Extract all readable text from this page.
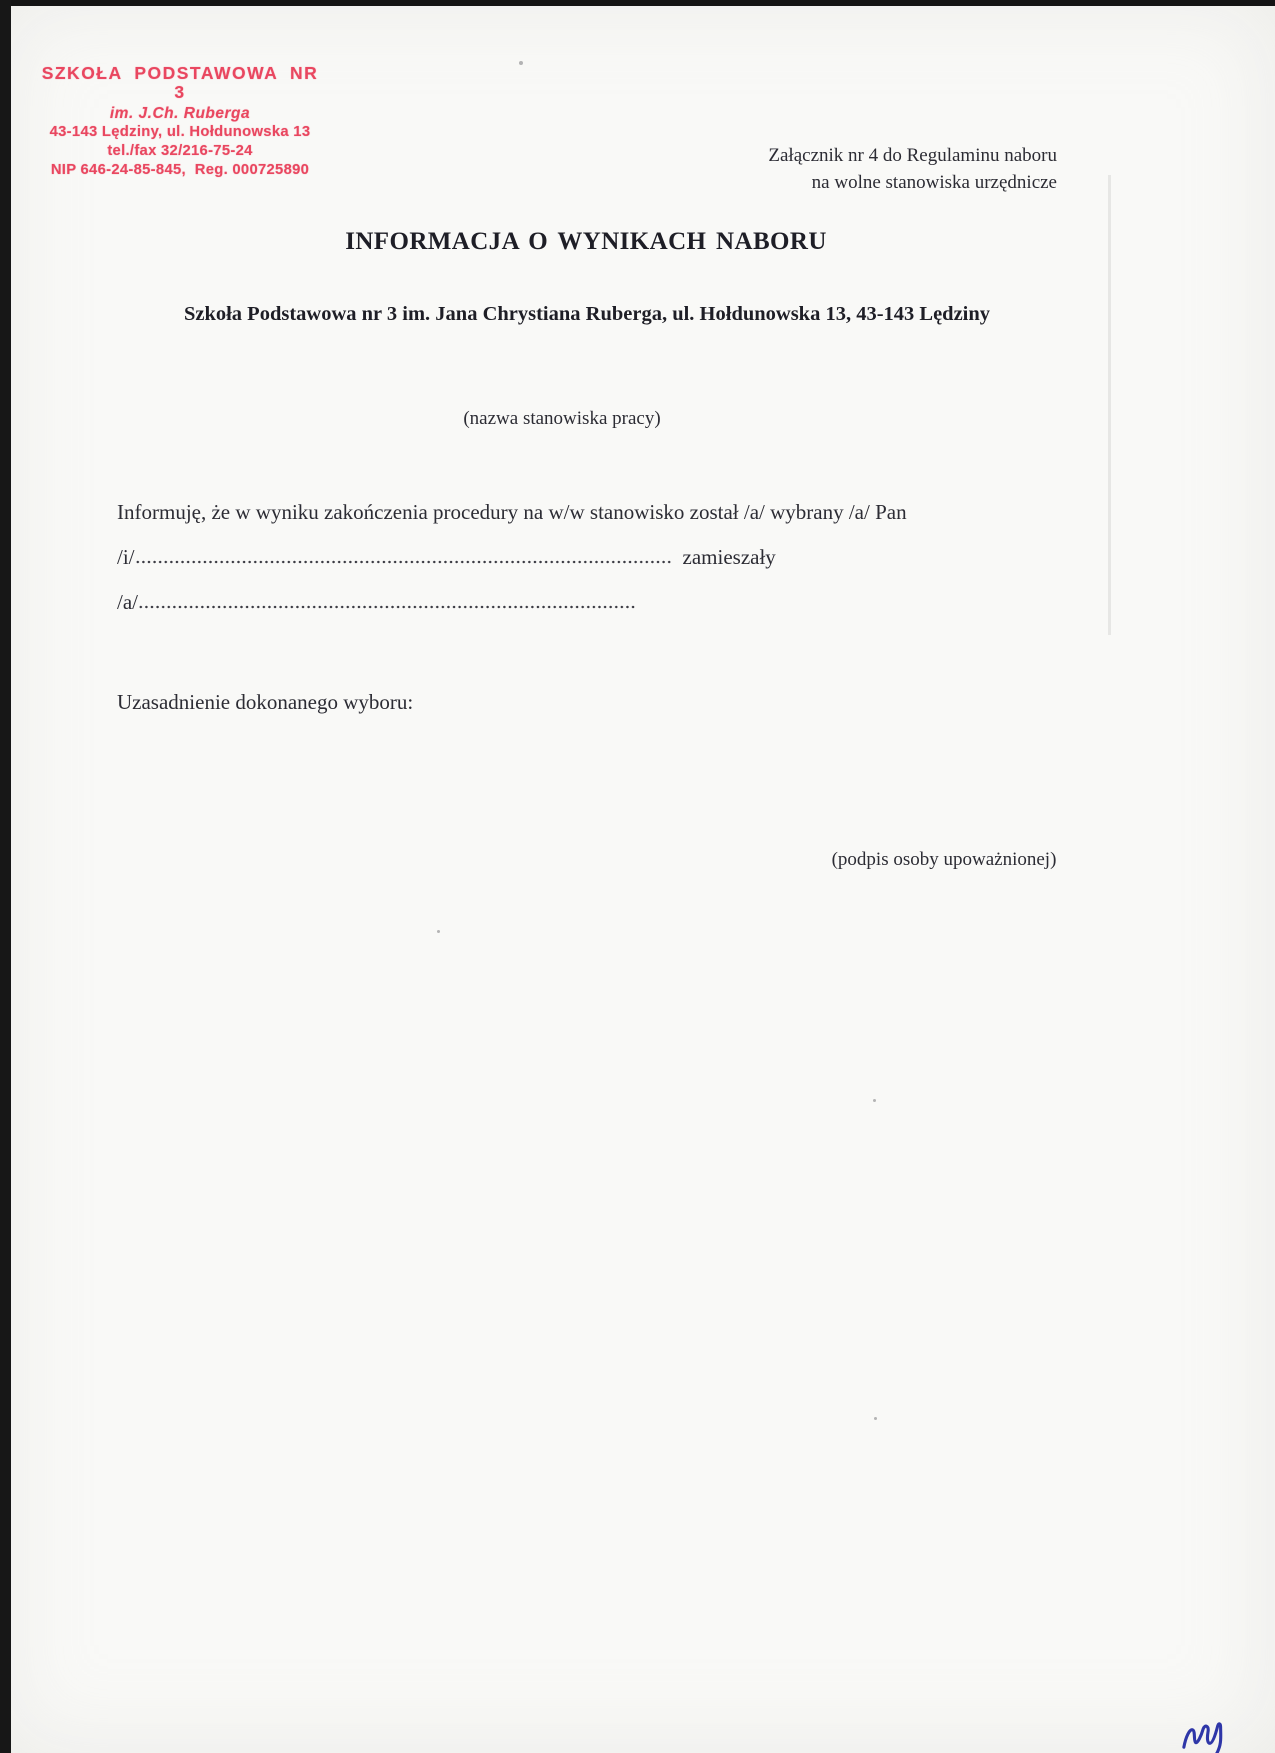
SZKOŁA PODSTAWOWA NR 3
im. J.Ch. Ruberga
43-143 Lędziny, ul. Hołdunowska 13
tel./fax 32/216-75-24
NIP 646-24-85-845,  Reg. 000725890
Załącznik nr 4 do Regulaminu naboru
na wolne stanowiska urzędnicze
INFORMACJA O WYNIKACH NABORU
Szkoła Podstawowa nr 3 im. Jana Chrystiana Ruberga, ul. Hołdunowska 13, 43-143 Lędziny
(nazwa stanowiska pracy)
Informuję, że w wyniku zakończenia procedury na w/w stanowisko został /a/ wybrany /a/ Pan
/i/	zamieszały
/a/
Uzasadnienie dokonanego wyboru:
(podpis osoby upoważnionej)
